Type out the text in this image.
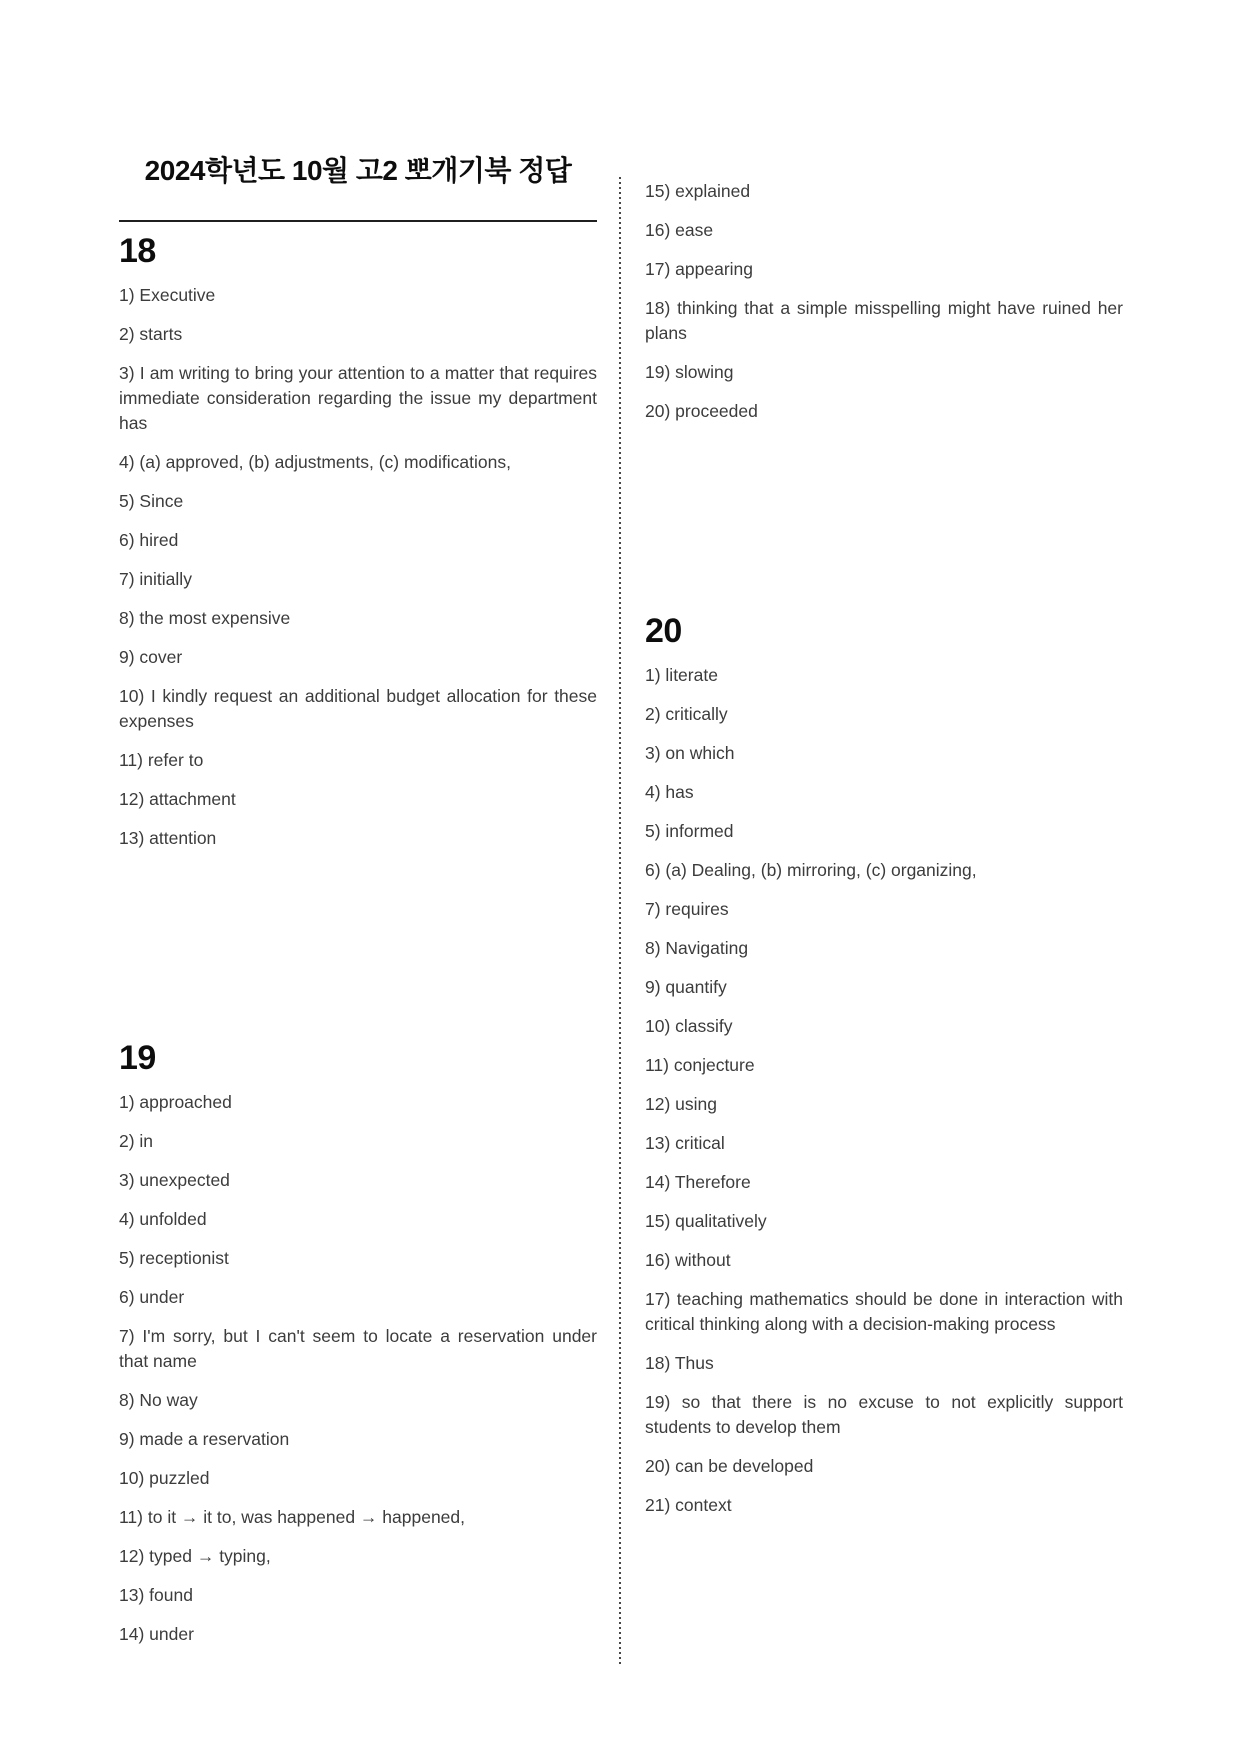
2024학년도 10월 고2 뽀개기북 정답
18

1) Executive

2) starts

3) I am writing to bring your attention to a matter that requires immediate consideration regarding the issue my department has

4) (a) approved, (b) adjustments, (c) modifications,

5) Since

6) hired

7) initially

8) the most expensive

9) cover

10) I kindly request an additional budget allocation for these expenses

11) refer to

12) attachment

13) attention

19

1) approached

2) in

3) unexpected

4) unfolded

5) receptionist

6) under

7) I'm sorry, but I can't seem to locate a reservation under that name

8) No way

9) made a reservation

10) puzzled

11) to it → it to, was happened → happened,

12) typed → typing,

13) found

14) under

15) explained

16) ease

17) appearing

18) thinking that a simple misspelling might have ruined her plans

19) slowing

20) proceeded

20

1) literate

2) critically

3) on which

4) has

5) informed

6) (a) Dealing, (b) mirroring, (c) organizing,

7) requires

8) Navigating

9) quantify

10) classify

11) conjecture

12) using

13) critical

14) Therefore

15) qualitatively

16) without

17) teaching mathematics should be done in interaction with critical thinking along with a decision-making process

18) Thus

19) so that there is no excuse to not explicitly support students to develop them

20) can be developed

21) context
